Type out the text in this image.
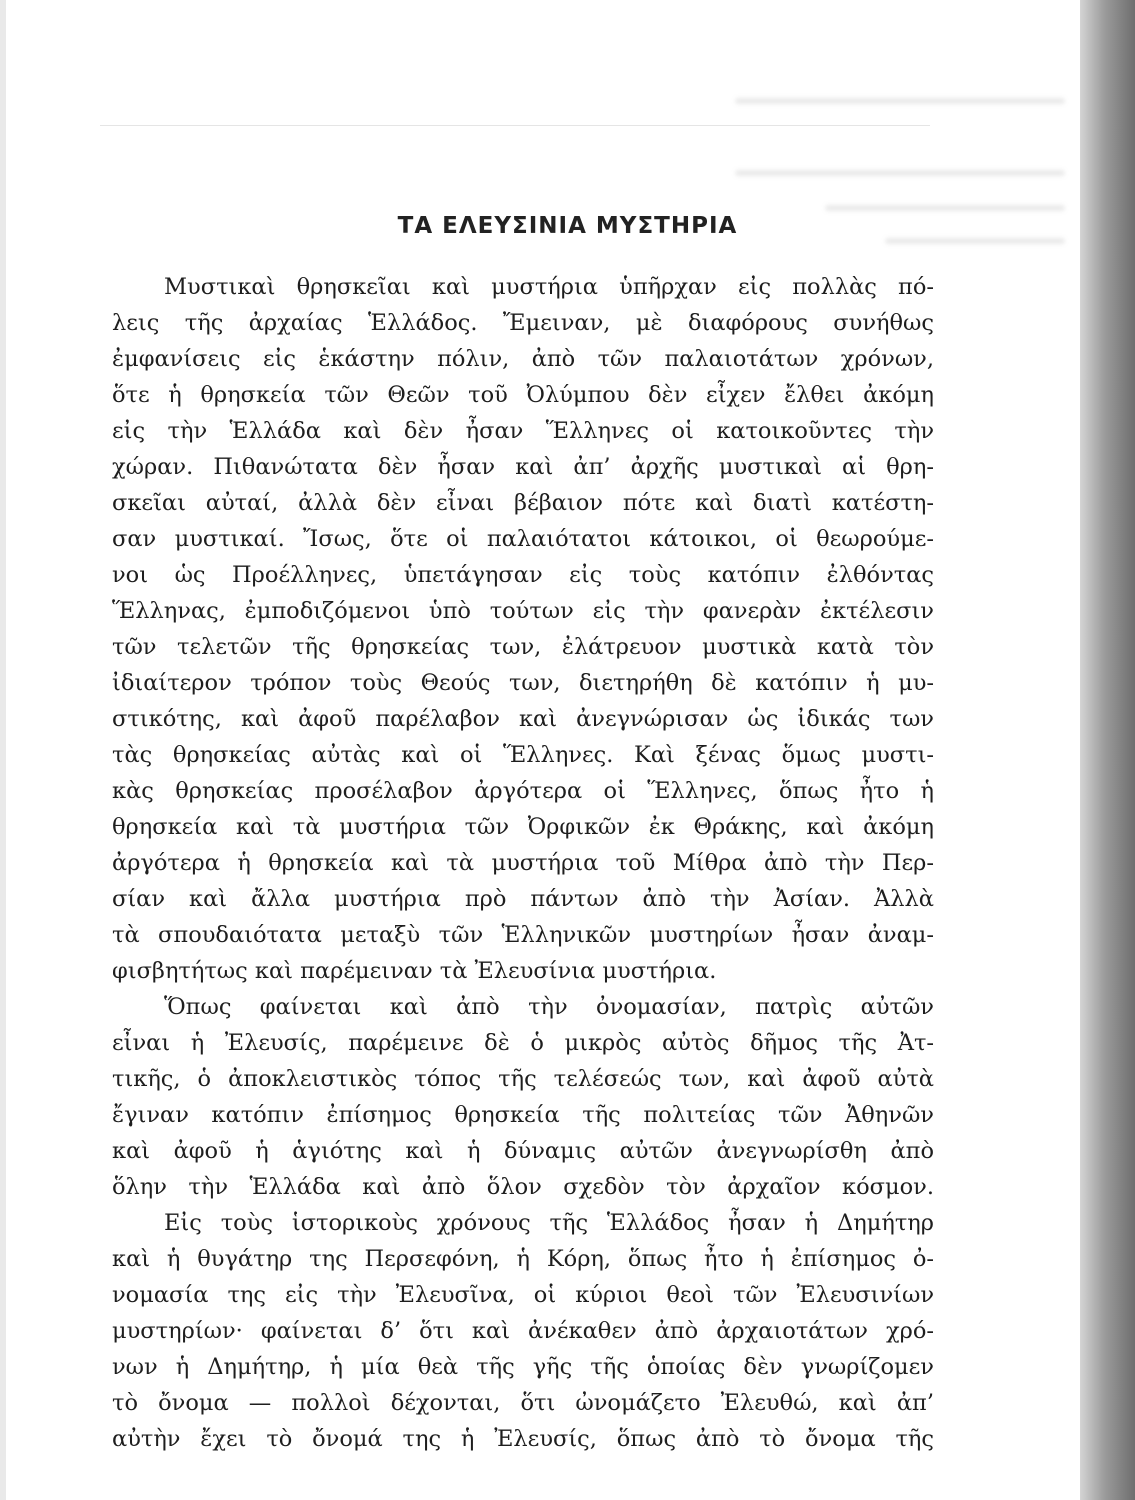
ΤΑ ΕΛΕΥΣΙΝΙΑ ΜΥΣΤΗΡΙΑ

Μυστικαὶ θρησκεῖαι καὶ μυστήρια ὑπῆρχαν εἰς πολλὰς πό-

λεις τῆς ἀρχαίας Ἑλλάδος. Ἔμειναν, μὲ διαφόρους συνήθως

ἐμφανίσεις εἰς ἑκάστην πόλιν, ἀπὸ τῶν παλαιοτάτων χρόνων,

ὅτε ἡ θρησκεία τῶν Θεῶν τοῦ Ὀλύμπου δὲν εἶχεν ἔλθει ἀκόμη

εἰς τὴν Ἑλλάδα καὶ δὲν ἦσαν Ἕλληνες οἱ κατοικοῦντες τὴν

χώραν. Πιθανώτατα δὲν ἦσαν καὶ ἀπ’ ἀρχῆς μυστικαὶ αἱ θρη-

σκεῖαι αὐταί, ἀλλὰ δὲν εἶναι βέβαιον πότε καὶ διατὶ κατέστη-

σαν μυστικαί. Ἴσως, ὅτε οἱ παλαιότατοι κάτοικοι, οἱ θεωρούμε-

νοι ὡς Προέλληνες, ὑπετάγησαν εἰς τοὺς κατόπιν ἐλθόντας

Ἕλληνας, ἐμποδιζόμενοι ὑπὸ τούτων εἰς τὴν φανερὰν ἐκτέλεσιν

τῶν τελετῶν τῆς θρησκείας των, ἐλάτρευον μυστικὰ κατὰ τὸν

ἰδιαίτερον τρόπον τοὺς Θεούς των, διετηρήθη δὲ κατόπιν ἡ μυ-

στικότης, καὶ ἀφοῦ παρέλαβον καὶ ἀνεγνώρισαν ὡς ἰδικάς των

τὰς θρησκείας αὐτὰς καὶ οἱ Ἕλληνες. Καὶ ξένας ὅμως μυστι-

κὰς θρησκείας προσέλαβον ἀργότερα οἱ Ἕλληνες, ὅπως ἦτο ἡ

θρησκεία καὶ τὰ μυστήρια τῶν Ὀρφικῶν ἐκ Θράκης, καὶ ἀκόμη

ἀργότερα ἡ θρησκεία καὶ τὰ μυστήρια τοῦ Μίθρα ἀπὸ τὴν Περ-

σίαν καὶ ἄλλα μυστήρια πρὸ πάντων ἀπὸ τὴν Ἀσίαν. Ἀλλὰ

τὰ σπουδαιότατα μεταξὺ τῶν Ἑλληνικῶν μυστηρίων ἦσαν ἀναμ-

φισβητήτως καὶ παρέμειναν τὰ Ἐλευσίνια μυστήρια.

Ὅπως φαίνεται καὶ ἀπὸ τὴν ὀνομασίαν, πατρὶς αὐτῶν

εἶναι ἡ Ἐλευσίς, παρέμεινε δὲ ὁ μικρὸς αὐτὸς δῆμος τῆς Ἀτ-

τικῆς, ὁ ἀποκλειστικὸς τόπος τῆς τελέσεώς των, καὶ ἀφοῦ αὐτὰ

ἔγιναν κατόπιν ἐπίσημος θρησκεία τῆς πολιτείας τῶν Ἀθηνῶν

καὶ ἀφοῦ ἡ ἁγιότης καὶ ἡ δύναμις αὐτῶν ἀνεγνωρίσθη ἀπὸ

ὅλην τὴν Ἑλλάδα καὶ ἀπὸ ὅλον σχεδὸν τὸν ἀρχαῖον κόσμον.

Εἰς τοὺς ἱστορικοὺς χρόνους τῆς Ἑλλάδος ἦσαν ἡ Δημήτηρ

καὶ ἡ θυγάτηρ της Περσεφόνη, ἡ Κόρη, ὅπως ἦτο ἡ ἐπίσημος ὀ-

νομασία της εἰς τὴν Ἐλευσῖνα, οἱ κύριοι θεοὶ τῶν Ἐλευσινίων

μυστηρίων· φαίνεται δ’ ὅτι καὶ ἀνέκαθεν ἀπὸ ἀρχαιοτάτων χρό-

νων ἡ Δημήτηρ, ἡ μία θεὰ τῆς γῆς τῆς ὁποίας δὲν γνωρίζομεν

τὸ ὄνομα — πολλοὶ δέχονται, ὅτι ὠνομάζετο Ἐλευθώ, καὶ ἀπ’

αὐτὴν ἔχει τὸ ὄνομά της ἡ Ἐλευσίς, ὅπως ἀπὸ τὸ ὄνομα τῆς
